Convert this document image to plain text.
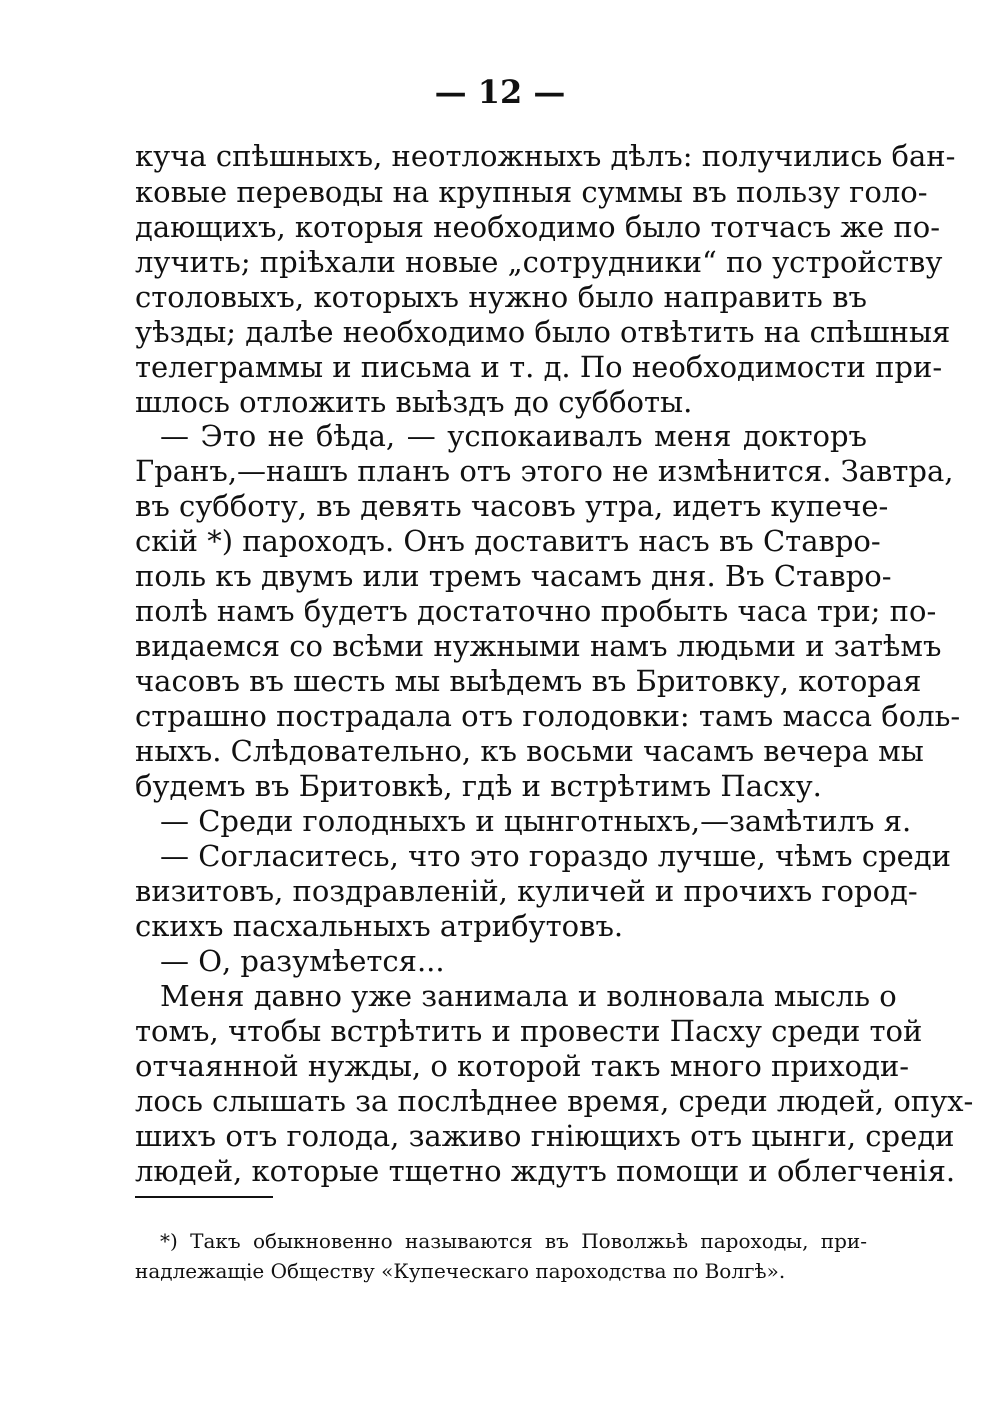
— 12 —
куча спѣшныхъ, неотложныхъ дѣлъ: получились бан-
ковые переводы на крупныя суммы въ пользу голо-
дающихъ, которыя необходимо было тотчасъ же по-
лучить; пріѣхали новые „сотрудники“ по устройству
столовыхъ, которыхъ нужно было направить въ
уѣзды; далѣе необходимо было отвѣтить на спѣшныя
телеграммы и письма и т. д. По необходимости при-
шлось отложить выѣздъ до субботы.
— Это не бѣда, — успокаивалъ меня докторъ
Гранъ,—нашъ планъ отъ этого не измѣнится. Завтра,
въ субботу, въ девять часовъ утра, идетъ купече-
скій *) пароходъ. Онъ доставитъ насъ въ Ставро-
поль къ двумъ или тремъ часамъ дня. Въ Ставро-
полѣ намъ будетъ достаточно пробыть часа три; по-
видаемся со всѣми нужными намъ людьми и затѣмъ
часовъ въ шесть мы выѣдемъ въ Бритовку, которая
страшно пострадала отъ голодовки: тамъ масса боль-
ныхъ. Слѣдовательно, къ восьми часамъ вечера мы
будемъ въ Бритовкѣ, гдѣ и встрѣтимъ Пасху.
— Среди голодныхъ и цынготныхъ,—замѣтилъ я.
— Согласитесь, что это гораздо лучше, чѣмъ среди
визитовъ, поздравленій, куличей и прочихъ город-
скихъ пасхальныхъ атрибутовъ.
— О, разумѣется...
Меня давно уже занимала и волновала мысль о
томъ, чтобы встрѣтить и провести Пасху среди той
отчаянной нужды, о которой такъ много приходи-
лось слышать за послѣднее время, среди людей, опух-
шихъ отъ голода, заживо гніющихъ отъ цынги, среди
людей, которые тщетно ждутъ помощи и облегченія.
*) Такъ обыкновенно называются въ Поволжьѣ пароходы, при-
надлежащіе Обществу «Купеческаго пароходства по Волгѣ».
